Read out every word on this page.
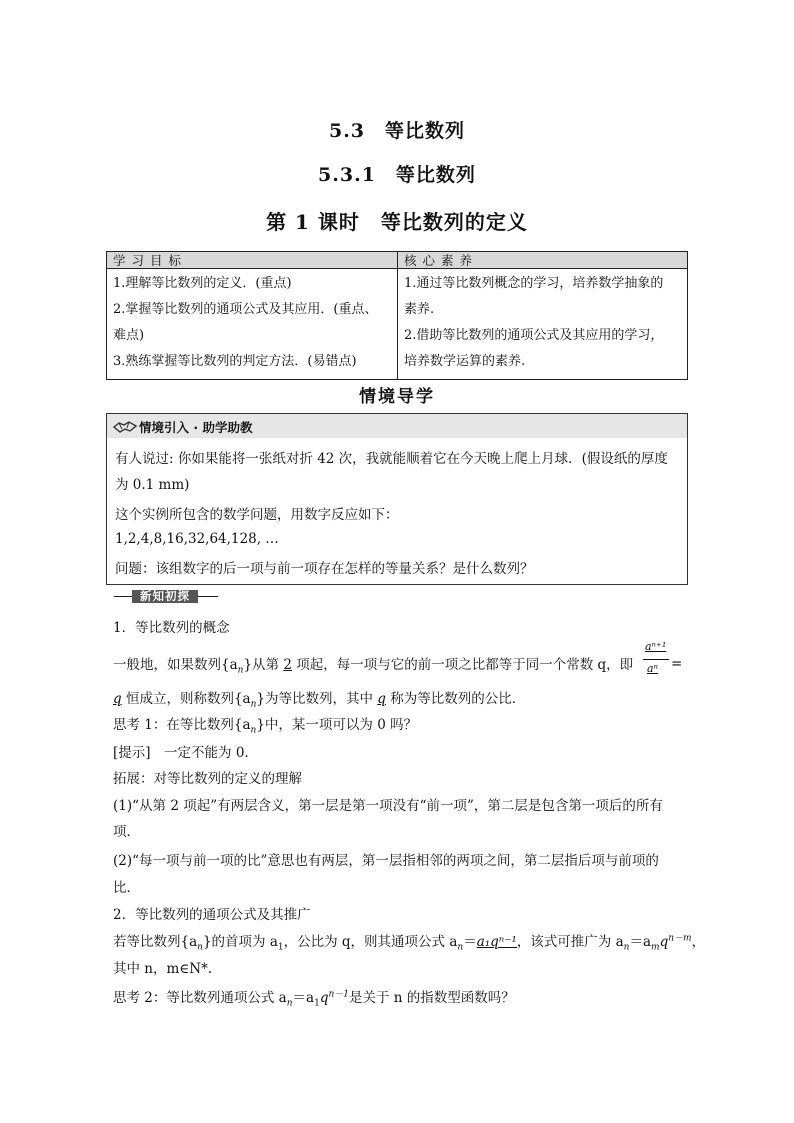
5.3　等比数列
5.3.1　等比数列
第 1 课时　等比数列的定义
学习目标	核心素养
1.理解等比数列的定义．(重点)
2.掌握等比数列的通项公式及其应用．(重点、
难点)
3.熟练掌握等比数列的判定方法．(易错点)
1.通过等比数列概念的学习，培养数学抽象的
素养.
2.借助等比数列的通项公式及其应用的学习，
培养数学运算的素养.
情境导学
情境引入 · 助学助教
有人说过: 你如果能将一张纸对折 42 次，我就能顺着它在今天晚上爬上月球．(假设纸的厚度
为 0.1 mm)
这个实例所包含的数学问题，用数字反应如下：
1,2,4,8,16,32,64,128, …
问题：该组数字的后一项与前一项存在怎样的等量关系？是什么数列？
新知初探
1．等比数列的概念
一般地，如果数列$\{a_n\}$从第 2 项起，每一项与它的前一项之比都等于同一个常数 q，即 $\frac{\text{aⁿ⁺¹}}{\text{aⁿ}}$ =
q 恒成立，则称数列$\{a_n\}$为等比数列，其中 q 称为等比数列的公比．
思考 1：在等比数列$\{a_n\}$中，某一项可以为 0 吗？
[提示]　一定不能为 0.
拓展：对等比数列的定义的理解
(1)“从第 2 项起”有两层含义，第一层是第一项没有“前一项”，第二层是包含第一项后的所有
项．
(2)“每一项与前一项的比”意思也有两层，第一层指相邻的两项之间，第二层指后项与前项的
比．
2．等比数列的通项公式及其推广
若等比数列$\{a_n\}$的首项为 $a_1$，公比为 q，则其通项公式 $a_n=a_1q^{n-1}$，该式可推广为 $a_n=a_mq^{n-m}$，
其中 n，m∈N*.
思考 2：等比数列通项公式 $a_n=a_1q^{n-1}$是关于 n 的指数型函数吗？
